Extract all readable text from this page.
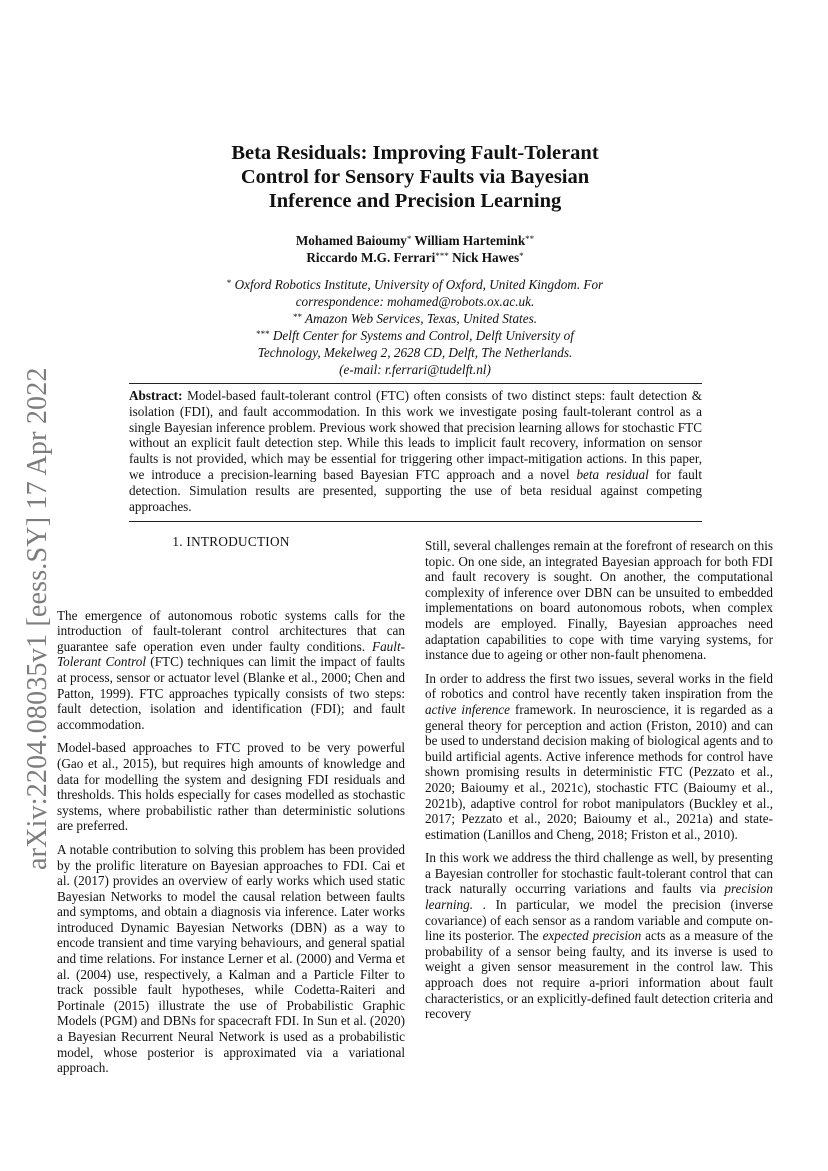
arXiv:2204.08035v1 [eess.SY] 17 Apr 2022
Beta Residuals: Improving Fault-Tolerant
Control for Sensory Faults via Bayesian
Inference and Precision Learning
Mohamed Baioumy* William Hartemink**
Riccardo M.G. Ferrari*** Nick Hawes*
* Oxford Robotics Institute, University of Oxford, United Kingdom. For
correspondence: mohamed@robots.ox.ac.uk.
** Amazon Web Services, Texas, United States.
*** Delft Center for Systems and Control, Delft University of
Technology, Mekelweg 2, 2628 CD, Delft, The Netherlands.
(e-mail: r.ferrari@tudelft.nl)

Abstract: Model-based fault-tolerant control (FTC) often consists of two distinct steps: fault detection & isolation (FDI), and fault accommodation. In this work we investigate posing fault-tolerant control as a single Bayesian inference problem. Previous work showed that precision learning allows for stochastic FTC without an explicit fault detection step. While this leads to implicit fault recovery, information on sensor faults is not provided, which may be essential for triggering other impact-mitigation actions. In this paper, we introduce a precision-learning based Bayesian FTC approach and a novel beta residual for fault detection. Simulation results are presented, supporting the use of beta residual against competing approaches.

1. INTRODUCTION

The emergence of autonomous robotic systems calls for the introduction of fault-tolerant control architectures that can guarantee safe operation even under faulty conditions. Fault-Tolerant Control (FTC) techniques can limit the impact of faults at process, sensor or actuator level (Blanke et al., 2000; Chen and Patton, 1999). FTC approaches typically consists of two steps: fault detection, isolation and identification (FDI); and fault accommodation.

Model-based approaches to FTC proved to be very powerful (Gao et al., 2015), but requires high amounts of knowledge and data for modelling the system and designing FDI residuals and thresholds. This holds especially for cases modelled as stochastic systems, where probabilistic rather than deterministic solutions are preferred.

A notable contribution to solving this problem has been provided by the prolific literature on Bayesian approaches to FDI. Cai et al. (2017) provides an overview of early works which used static Bayesian Networks to model the causal relation between faults and symptoms, and obtain a diagnosis via inference. Later works introduced Dynamic Bayesian Networks (DBN) as a way to encode transient and time varying behaviours, and general spatial and time relations. For instance Lerner et al. (2000) and Verma et al. (2004) use, respectively, a Kalman and a Particle Filter to track possible fault hypotheses, while Codetta-Raiteri and Portinale (2015) illustrate the use of Probabilistic Graphic Models (PGM) and DBNs for spacecraft FDI. In Sun et al. (2020) a Bayesian Recurrent Neural Network is used as a probabilistic model, whose posterior is approximated via a variational approach.

Still, several challenges remain at the forefront of research on this topic. On one side, an integrated Bayesian approach for both FDI and fault recovery is sought. On another, the computational complexity of inference over DBN can be unsuited to embedded implementations on board autonomous robots, when complex models are employed. Finally, Bayesian approaches need adaptation capabilities to cope with time varying systems, for instance due to ageing or other non-fault phenomena.

In order to address the first two issues, several works in the field of robotics and control have recently taken inspiration from the active inference framework. In neuroscience, it is regarded as a general theory for perception and action (Friston, 2010) and can be used to understand decision making of biological agents and to build artificial agents. Active inference methods for control have shown promising results in deterministic FTC (Pezzato et al., 2020; Baioumy et al., 2021c), stochastic FTC (Baioumy et al., 2021b), adaptive control for robot manipulators (Buckley et al., 2017; Pezzato et al., 2020; Baioumy et al., 2021a) and state-estimation (Lanillos and Cheng, 2018; Friston et al., 2010).

In this work we address the third challenge as well, by presenting a Bayesian controller for stochastic fault-tolerant control that can track naturally occurring variations and faults via precision learning. . In particular, we model the precision (inverse covariance) of each sensor as a random variable and compute on-line its posterior. The expected precision acts as a measure of the probability of a sensor being faulty, and its inverse is used to weight a given sensor measurement in the control law. This approach does not require a-priori information about fault characteristics, or an explicitly-defined fault detection criteria and recovery
